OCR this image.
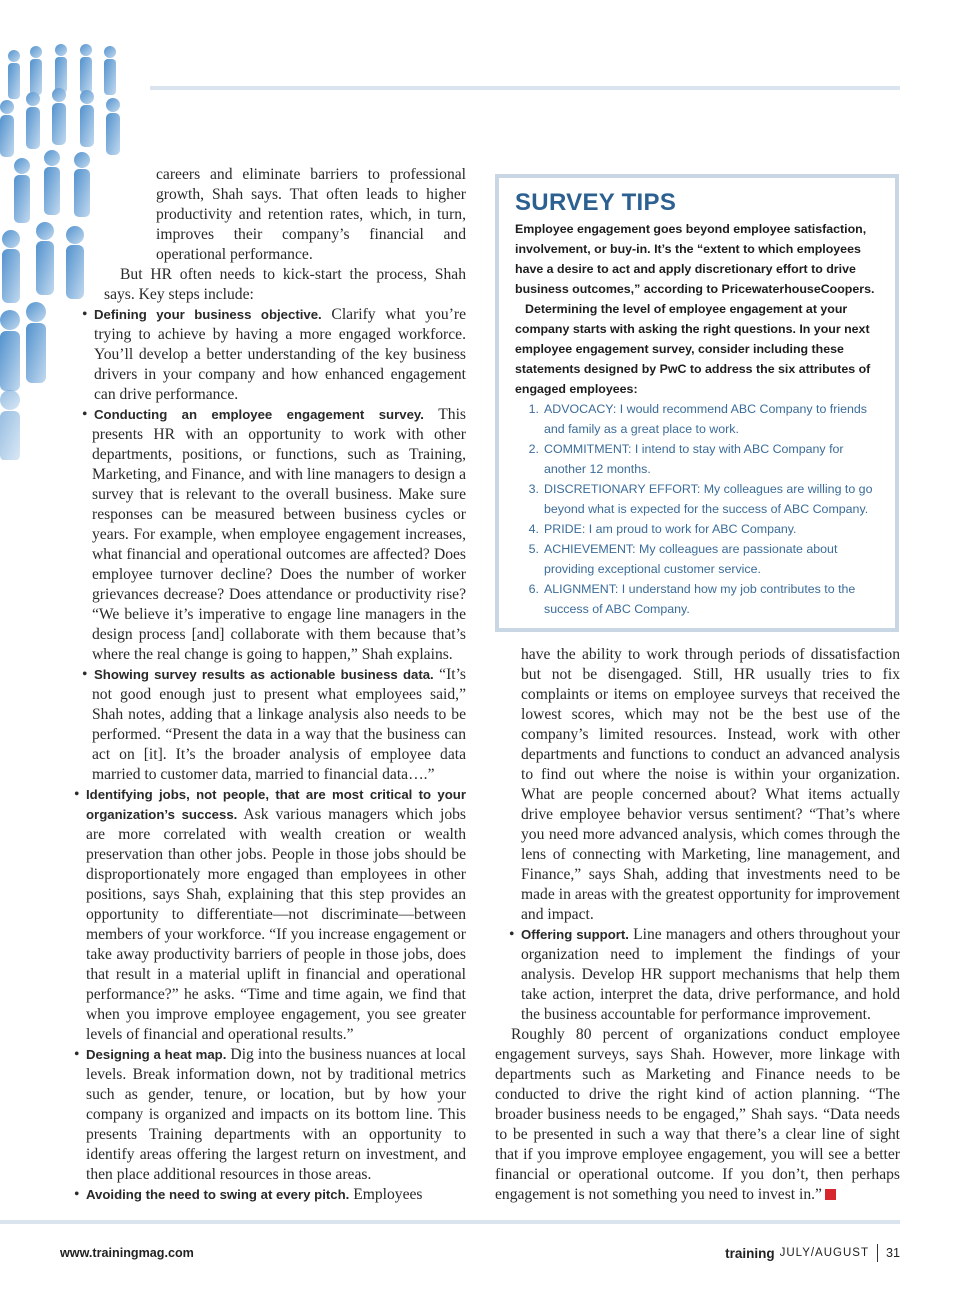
careers and eliminate barriers to professional growth, Shah says. That often leads to higher productivity and retention rates, which, in turn, improves their company’s financial and operational performance.

But HR often needs to kick-start the process, Shah says. Key steps include:

• Defining your business objective. Clarify what you’re trying to achieve by having a more engaged workforce. You’ll develop a better understanding of the key business drivers in your company and how enhanced engagement can drive performance.

• Conducting an employee engagement survey. This presents HR with an opportunity to work with other departments, positions, or functions, such as Training, Marketing, and Finance, and with line managers to design a survey that is relevant to the overall business. Make sure responses can be measured between business cycles or years. For example, when employee engagement increases, what financial and operational outcomes are affected? Does employee turnover decline? Does the number of worker grievances decrease? Does attendance or productivity rise? “We believe it’s imperative to engage line managers in the design process [and] collaborate with them because that’s where the real change is going to happen,” Shah explains.

• Showing survey results as actionable business data. “It’s not good enough just to present what employees said,” Shah notes, adding that a linkage analysis also needs to be performed. “Present the data in a way that the business can act on [it]. It’s the broader analysis of employee data married to customer data, married to financial data….”

• Identifying jobs, not people, that are most critical to your organization’s success. Ask various managers which jobs are more correlated with wealth creation or wealth preservation than other jobs. People in those jobs should be disproportionately more engaged than employees in other positions, says Shah, explaining that this step provides an opportunity to differentiate—not discriminate—between members of your workforce. “If you increase engagement or take away productivity barriers of people in those jobs, does that result in a material uplift in financial and operational performance?” he asks. “Time and time again, we find that when you improve employee engagement, you see greater levels of financial and operational results.”

• Designing a heat map. Dig into the business nuances at local levels. Break information down, not by traditional metrics such as gender, tenure, or location, but by how your company is organized and impacts on its bottom line. This presents Training departments with an opportunity to identify areas offering the largest return on investment, and then place additional resources in those areas.

• Avoiding the need to swing at every pitch. Employees

SURVEY TIPS

Employee engagement goes beyond employee satisfaction, involvement, or buy-in. It’s the “extent to which employees have a desire to act and apply discretionary effort to drive business outcomes,” according to PricewaterhouseCoopers.

Determining the level of employee engagement at your company starts with asking the right questions. In your next employee engagement survey, consider including these statements designed by PwC to address the six attributes of engaged employees:

1. ADVOCACY: I would recommend ABC Company to friends and family as a great place to work.
2. COMMITMENT: I intend to stay with ABC Company for another 12 months.
3. DISCRETIONARY EFFORT: My colleagues are willing to go beyond what is expected for the success of ABC Company.
4. PRIDE: I am proud to work for ABC Company.
5. ACHIEVEMENT: My colleagues are passionate about providing exceptional customer service.
6. ALIGNMENT: I understand how my job contributes to the success of ABC Company.

have the ability to work through periods of dissatisfaction but not be disengaged. Still, HR usually tries to fix complaints or items on employee surveys that received the lowest scores, which may not be the best use of the company’s limited resources. Instead, work with other departments and functions to conduct an advanced analysis to find out where the noise is within your organization. What are people concerned about? What items actually drive employee behavior versus sentiment? “That’s where you need more advanced analysis, which comes through the lens of connecting with Marketing, line management, and Finance,” says Shah, adding that investments need to be made in areas with the greatest opportunity for improvement and impact.

• Offering support. Line managers and others throughout your organization need to implement the findings of your analysis. Develop HR support mechanisms that help them take action, interpret the data, drive performance, and hold the business accountable for performance improvement.

Roughly 80 percent of organizations conduct employee engagement surveys, says Shah. However, more linkage with departments such as Marketing and Finance needs to be conducted to drive the right kind of action planning. “The broader business needs to be engaged,” Shah says. “Data needs to be presented in such a way that there’s a clear line of sight that if you improve employee engagement, you will see a better financial or operational outcome. If you don’t, then perhaps engagement is not something you need to invest in.”

www.trainingmag.com	training JULY/AUGUST 31
